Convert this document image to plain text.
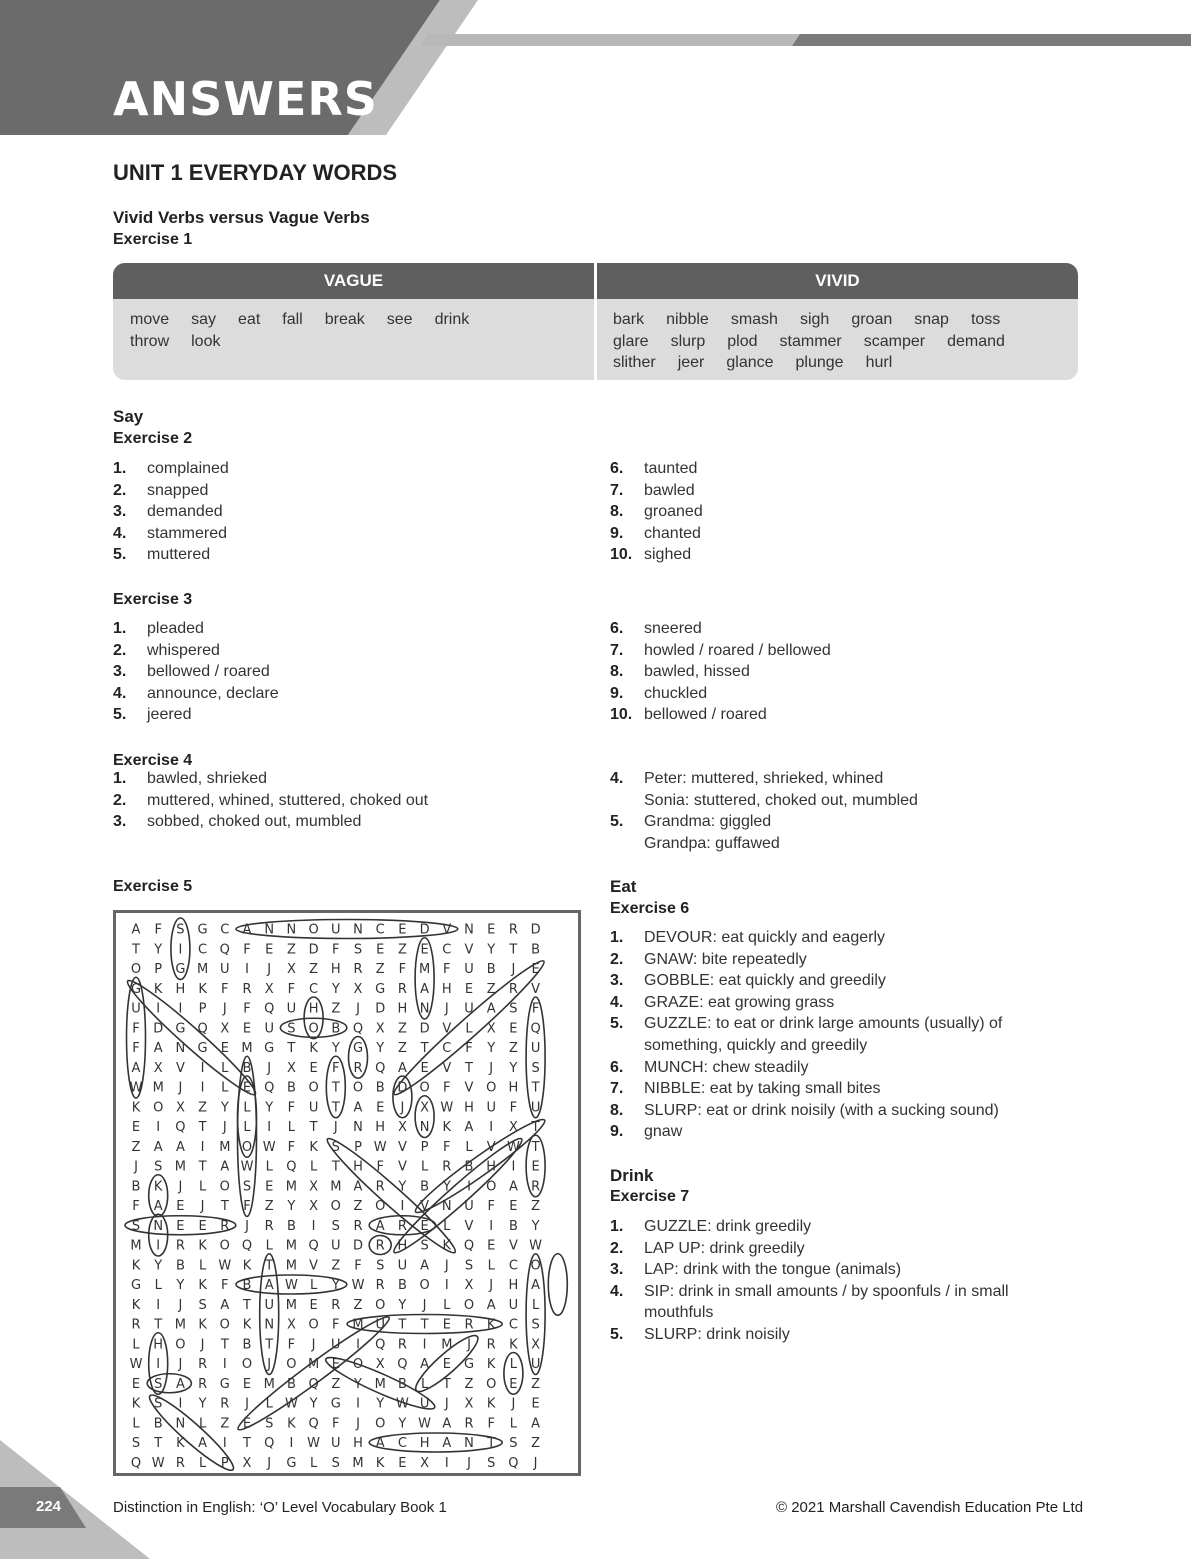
ANSWERS
UNIT 1 EVERYDAY WORDS
Vivid Verbs versus Vague Verbs
Exercise 1
VAGUE	VIVID
move say eat fall break see drink
throw look
bark nibble smash sigh groan snap toss
glare slurp plod stammer scamper demand
slither jeer glance plunge hurl
Say
Exercise 2
1.	complained
2.	snapped
3.	demanded
4.	stammered
5.	muttered
6.	taunted
7.	bawled
8.	groaned
9.	chanted
10. sighed
Exercise 3
1.	pleaded
2.	whispered
3.	bellowed / roared
4.	announce, declare
5.	jeered
6.	sneered
7.	howled / roared / bellowed
8.	bawled, hissed
9.	chuckled
10. bellowed / roared
Exercise 4
1.	bawled, shrieked
2.	muttered, whined, stuttered, choked out
3.	sobbed, choked out, mumbled
4.	Peter: muttered, shrieked, whined
Sonia: stuttered, choked out, mumbled
5.	Grandma: giggled
Grandpa: guffawed
Exercise 5
A F S G C A N N O U N C E D V N E R D
T Y I C Q F E Z D F S E Z E C V Y T B
O P G M U I J X Z H R Z F M F U B J E
G K H K F R X F C Y X G R A H E Z R V
U I I P J F Q U H Z J D H N J U A S F
F D G Q X E U S O B Q X Z D V L X E Q
F A N G E M G T K Y G Y Z T C F Y Z U
A X V I L B J X E F R Q A E V T J Y S
W M J I L E Q B O T O B D O F V O H T
K O X Z Y L Y F U T A E J X W H U F U
E I Q T J L I L T J N H X N K A I X T
Z A A I M O W F K S P W V P F L V W T
J S M T A W L Q L T H F V L R B H I E
B K J L O S E M X M A R Y B Y I O A R
F A E J T F Z Y X O Z O I V N U F E Z
S N E E R J R B I S R A R E L V I B Y
M I R K O Q L M Q U D R H S K Q E V W
K Y B L W K T M V Z F S U A J S L C O
G L Y K F B A W L Y W R B O I X J H A
K I J S A T U M E R Z O Y J L O A U L
R T M K O K N X O F M U T T E R K C S
L H O J T B T F J U I Q R I M J R K X
W I J R I O J O M E O X Q A E G K L U
E S A R G E M B Q Z Y M B L T Z O E Z
K S I Y R J L W Y G I Y W U J X K J E
L B N L Z E S K Q F J O Y W A R F L A
S T K A I T Q I W U H A C H A N T S Z
Q W R L P X J G L S M K E X I J S Q J
Eat
Exercise 6
1.	DEVOUR: eat quickly and eagerly
2.	GNAW: bite repeatedly
3.	GOBBLE: eat quickly and greedily
4.	GRAZE: eat growing grass
5.	GUZZLE: to eat or drink large amounts (usually) of
something, quickly and greedily
6.	MUNCH: chew steadily
7.	NIBBLE: eat by taking small bites
8.	SLURP: eat or drink noisily (with a sucking sound)
9.	gnaw
Drink
Exercise 7
1.	GUZZLE: drink greedily
2.	LAP UP: drink greedily
3.	LAP: drink with the tongue (animals)
4.	SIP: drink in small amounts / by spoonfuls / in small
mouthfuls
5.	SLURP: drink noisily
224	Distinction in English: ‘O’ Level Vocabulary Book 1	© 2021 Marshall Cavendish Education Pte Ltd
